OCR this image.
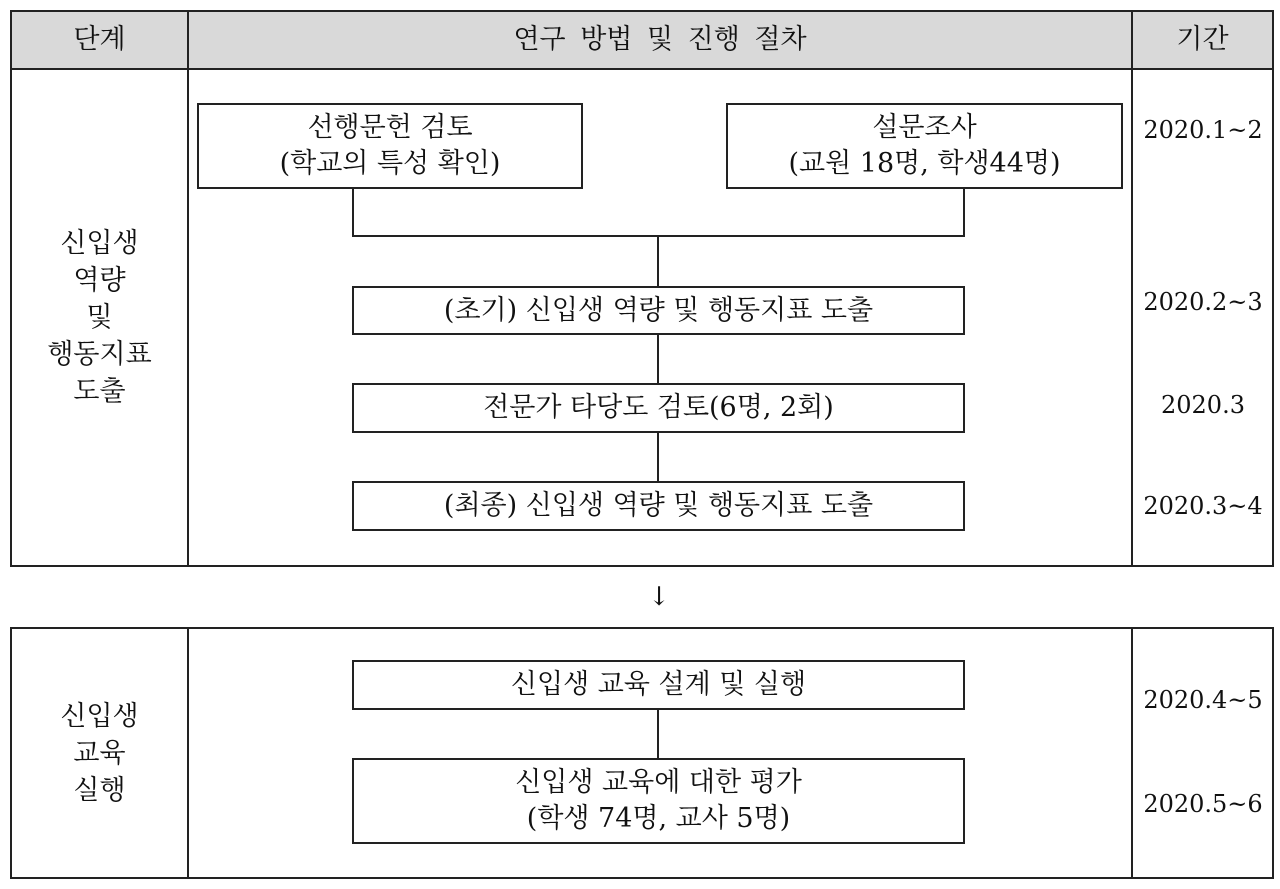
단계	연구 방법 및 진행 절차	기간
신입생
역량
및
행동지표
도출
선행문헌 검토
(학교의 특성 확인)
설문조사
(교원 18명, 학생44명)
(초기) 신입생 역량 및 행동지표 도출
전문가 타당도 검토(6명, 2회)
(최종) 신입생 역량 및 행동지표 도출
2020.1~2
2020.2~3
2020.3
2020.3~4
↓
신입생
교육
실행
신입생 교육 설계 및 실행
신입생 교육에 대한 평가
(학생 74명, 교사 5명)
2020.4~5
2020.5~6
